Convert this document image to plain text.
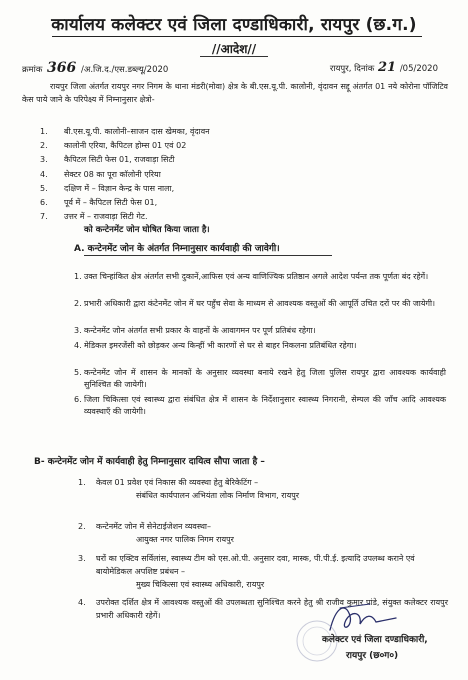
कार्यालय कलेक्टर एवं जिला दण्डाधिकारी, रायपुर (छ.ग.)
//आदेश//
क्रमांक 366 /अ.जि.द./एस.डब्ल्यू/2020	रायपुर, दिनांक 21 /05/2020
रायपुर जिला अंतर्गत रायपुर नगर निगम के थाना मंडरी(मोवा) क्षेत्र के बी.एस.यू.पी. कालोनी, वृंदावन सद्दू अंतर्गत 01 नये कोरोना पॉजिटिव केस पाये जाने के परिपेक्ष्य में निम्नानुसार क्षेत्रो-
1. बी.एस.यू.पी. कालोनी–साजन दास खेमका, वृंदावन
2. कालोनी एरिया, कैपिटल होम्स 01 एवं 02
3. कैपिटल सिटी फेस 01, राजवाड़ा सिटी
4. सेक्टर 08 का पूरा कॉलोनी एरिया
5. दक्षिण में – विज्ञान केन्द्र के पास नाला,
6. पूर्व में – कैपिटल सिटी फेस 01,
7. उत्तर में – राजवाड़ा सिटी गेट.
को कन्टेनमेंट जोन घोषित किया जाता है।
A. कन्टेनमेंट जोन के अंतर्गत निम्नानुसार कार्यवाही की जावेगी।
1. उक्त चिन्हांकित क्षेत्र अंतर्गत सभी दुकानें,आफिस एवं अन्य वाणिज्यिक प्रतिष्ठान अगले आदेश पर्यन्त तक पूर्णतः बंद रहेगें।
2. प्रभारी अधिकारी द्वारा कंटेनमेंट जोन में घर पहुँच सेवा के माध्यम से आवश्यक वस्तुओं की आपूर्ति उचित दरों पर की जायेगी।
3. कन्टेनमेंट जोन अंतर्गत सभी प्रकार के वाहनों के आवागमन पर पूर्ण प्रतिबंध रहेगा।
4. मेडिकल इमरजेंसी को छोड़कर अन्य किन्हीं भी कारणों से घर से बाहर निकलना प्रतिबंधित रहेगा।
5. कन्टेनमेंट जोन में शासन के मानकों के अनुसार व्यवस्था बनाये रखने हेतु जिला पुलिस रायपुर द्वारा आवश्यक कार्यवाही सुनिश्चित की जायेगी।
6. जिला चिकित्सा एवं स्वास्थ्य द्वारा संबंधित क्षेत्र में शासन के निर्देशानुसार स्वास्थ्य निगरानी, सेम्पल की जाँच आदि आवश्यक व्यवस्थाएँ की जायेगी।
B- कन्टेनमेंट जोन में कार्यवाही हेतु निम्नानुसार दायित्व सौपा जाता है –
1.	केवल 01 प्रवेश एवं निकास की व्यवस्था हेतु बेरिकेटिंग –
संबंधित कार्यपालन अभियंता लोक निर्माण विभाग, रायपुर
2.	कन्टेनमेंट जोन में सेनेटाईजेशन व्यवस्था–
आयुक्त नगर पालिक निगम रायपुर
3.	घरों का एक्टिव सर्विलांस, स्वास्थ्य टीम को एस.ओ.पी. अनुसार दवा, मास्क, पी.पी.ई. इत्यादि उपलब्ध कराने एवं बायोमेडिकल अपशिष्ट प्रबंधन –
मुख्य चिकित्सा एवं स्वास्थ्य अधिकारी, रायपुर
4.	उपरोक्त दर्शित क्षेत्र में आवश्यक वस्तुओं की उपलब्धता सुनिश्चित करने हेतु श्री राजीव कुमार पांडे, संयुक्त कलेक्टर रायपुर प्रभारी अधिकारी रहेगें।
कलेक्टर एवं जिला दण्डाधिकारी,
रायपुर (छ०ग०)
